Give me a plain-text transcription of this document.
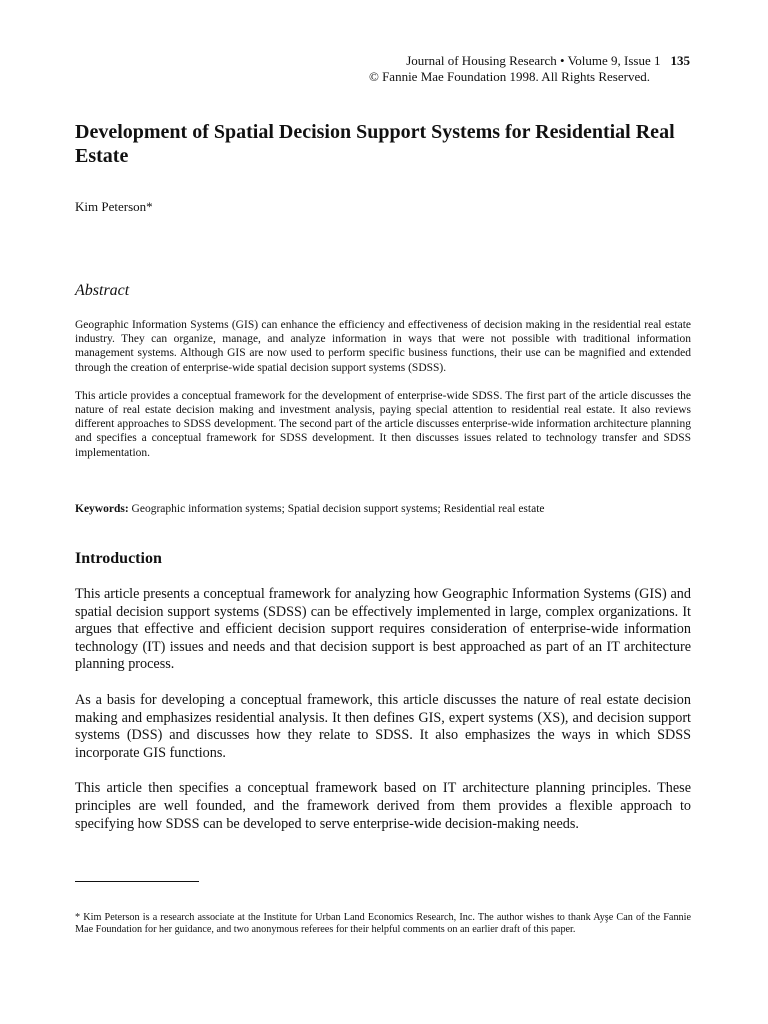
Journal of Housing Research • Volume 9, Issue 1 135
© Fannie Mae Foundation 1998. All Rights Reserved.
Development of Spatial Decision Support Systems for Residential Real Estate
Kim Peterson*
Abstract

Geographic Information Systems (GIS) can enhance the efficiency and effectiveness of decision making in the residential real estate industry. They can organize, manage, and analyze information in ways that were not possible with traditional information management systems. Although GIS are now used to perform specific business functions, their use can be magnified and extended through the creation of enterprise-wide spatial decision support systems (SDSS).

This article provides a conceptual framework for the development of enterprise-wide SDSS. The first part of the article discusses the nature of real estate decision making and investment analysis, paying special attention to residential real estate. It also reviews different approaches to SDSS development. The second part of the article discusses enterprise-wide information architecture planning and specifies a conceptual framework for SDSS development. It then discusses issues related to technology transfer and SDSS implementation.

Keywords: Geographic information systems; Spatial decision support systems; Residential real estate
Introduction

This article presents a conceptual framework for analyzing how Geographic Information Systems (GIS) and spatial decision support systems (SDSS) can be effectively implemented in large, complex organizations. It argues that effective and efficient decision support requires consideration of enterprise-wide information technology (IT) issues and needs and that decision support is best approached as part of an IT architecture planning process.

As a basis for developing a conceptual framework, this article discusses the nature of real estate decision making and emphasizes residential analysis. It then defines GIS, expert systems (XS), and decision support systems (DSS) and discusses how they relate to SDSS. It also emphasizes the ways in which SDSS incorporate GIS functions.

This article then specifies a conceptual framework based on IT architecture planning principles. These principles are well founded, and the framework derived from them provides a flexible approach to specifying how SDSS can be developed to serve enterprise-wide decision-making needs.

* Kim Peterson is a research associate at the Institute for Urban Land Economics Research, Inc. The author wishes to thank Ayşe Can of the Fannie Mae Foundation for her guidance, and two anonymous referees for their helpful comments on an earlier draft of this paper.
